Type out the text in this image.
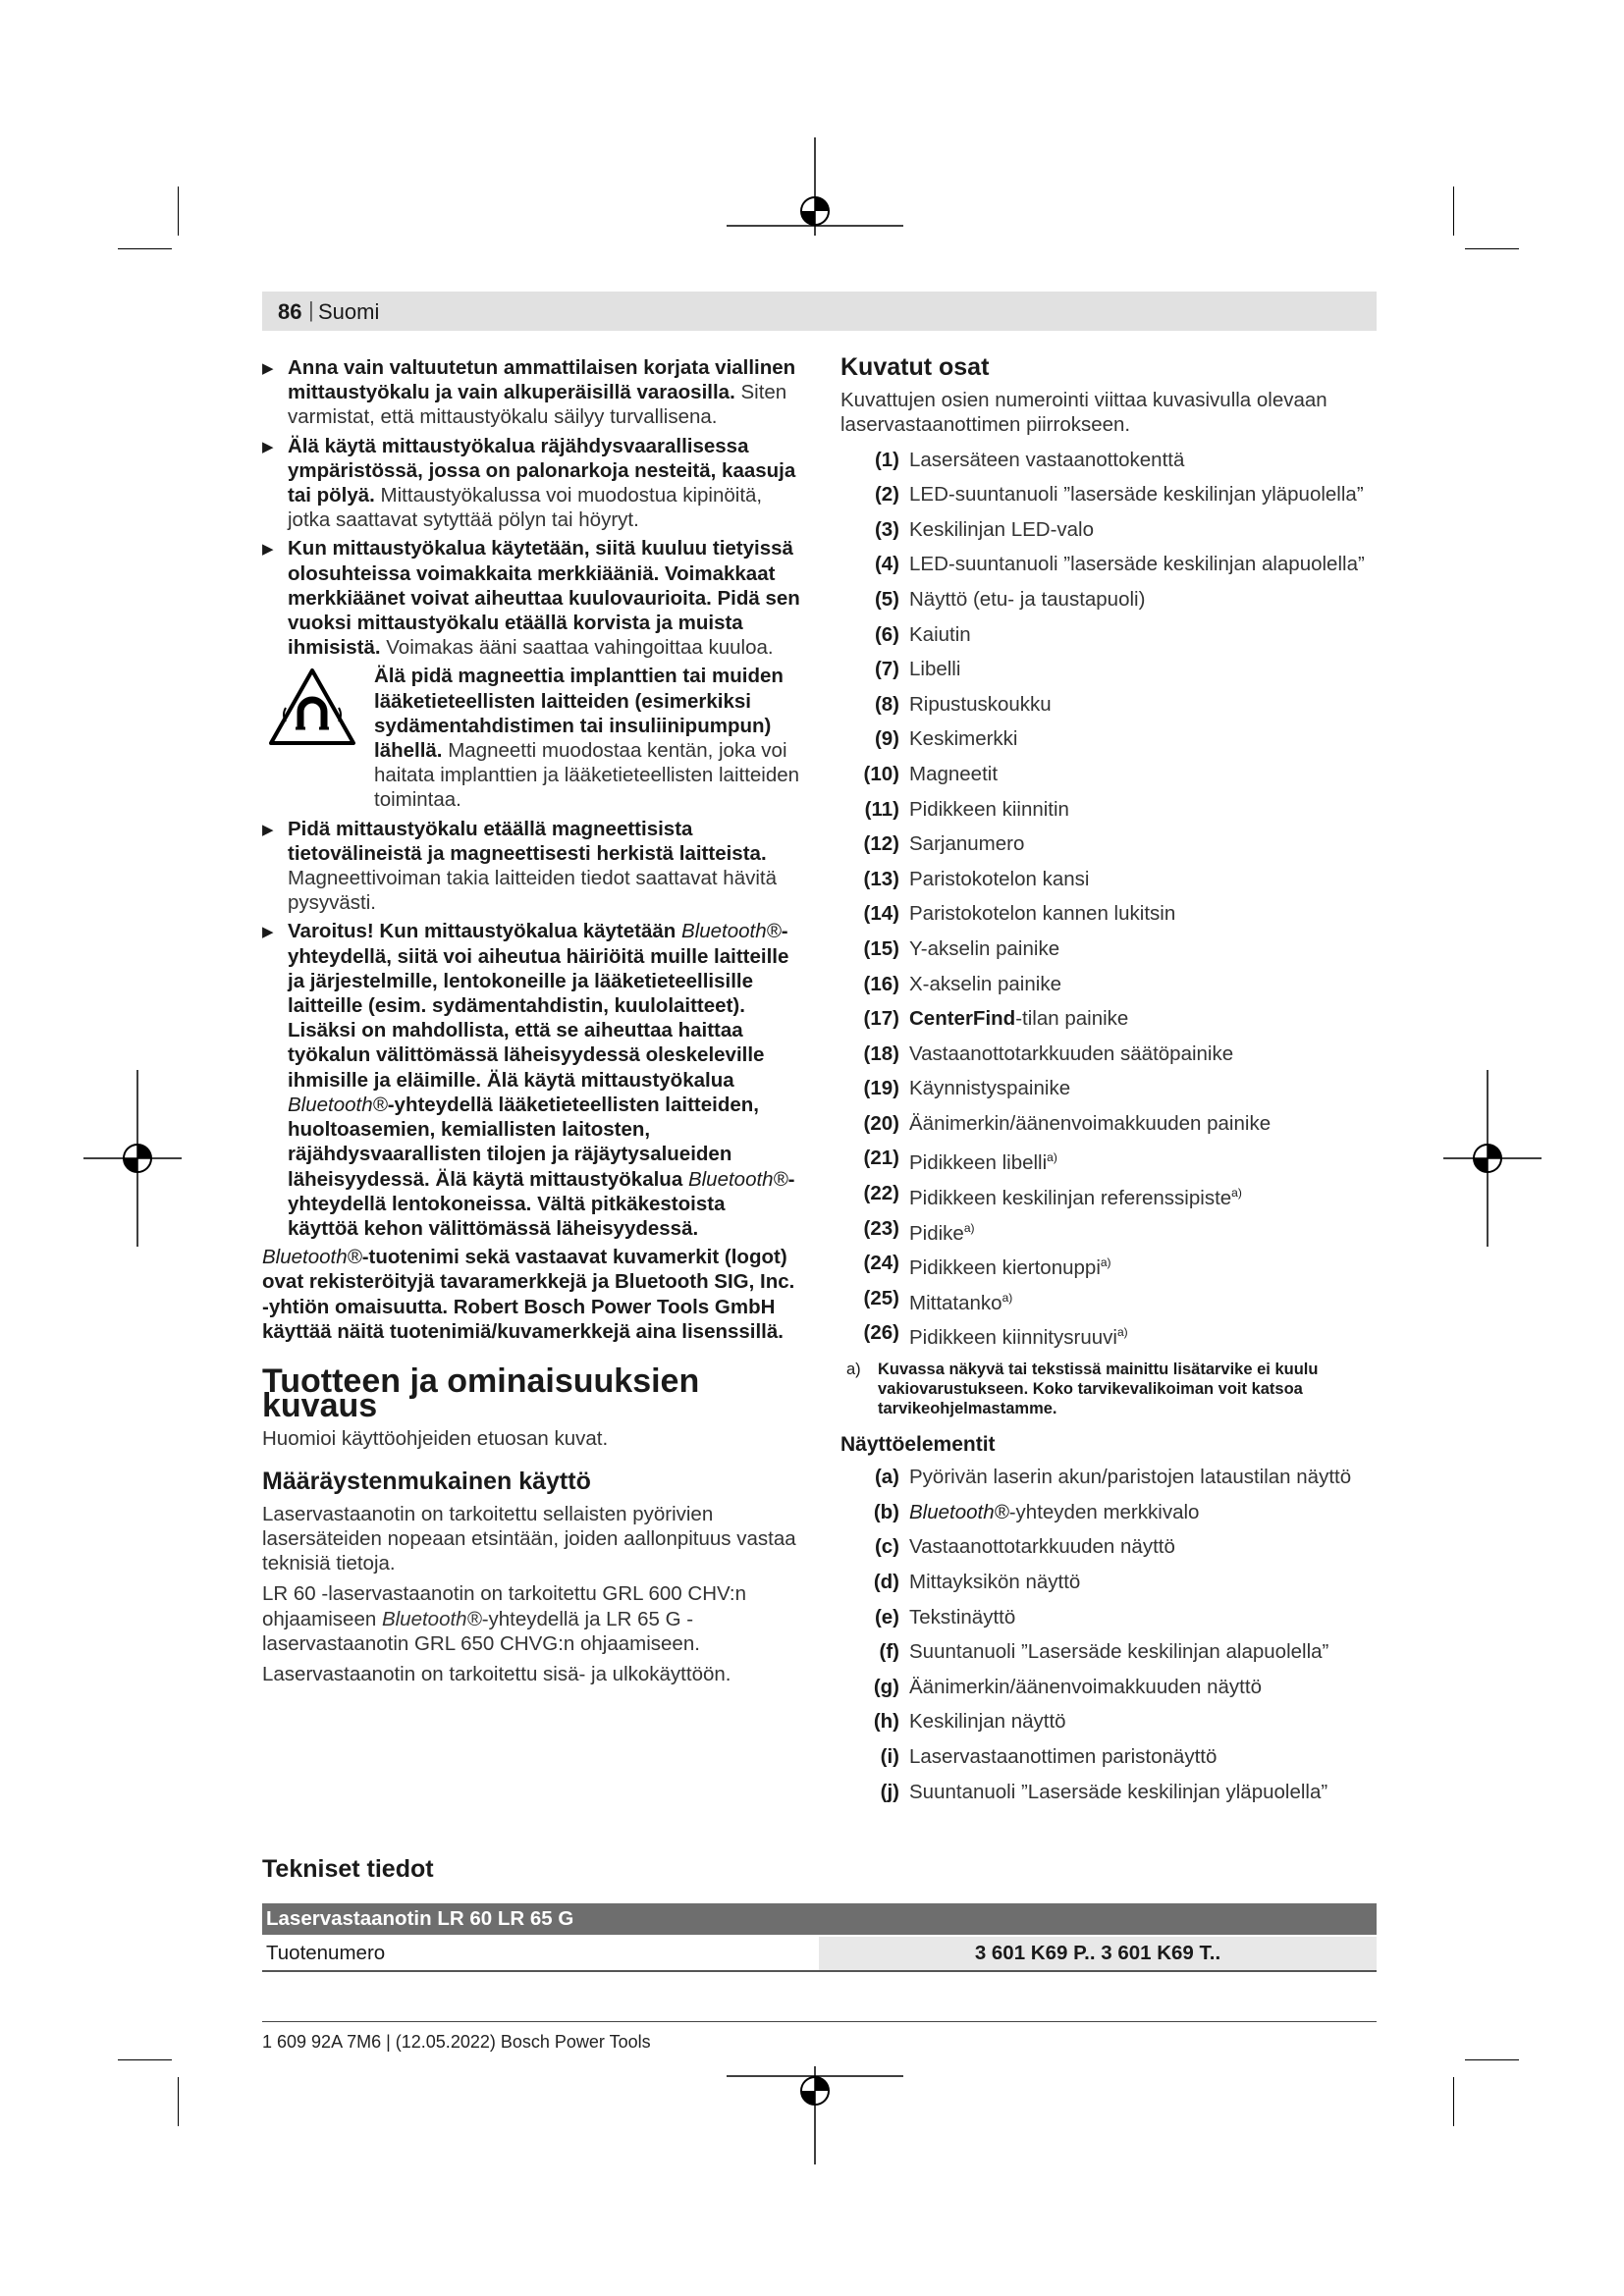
86 | Suomi
▶ Anna vain valtuutetun ammattilaisen korjata viallinen mittaustyökalu ja vain alkuperäisillä varaosilla. Siten varmistat, että mittaustyökalu säilyy turvallisena.
▶ Älä käytä mittaustyökalua räjähdysvaarallisessa ympäristössä, jossa on palonarkoja nesteitä, kaasuja tai pölyä. Mittaustyökalussa voi muodostua kipinöitä, jotka saattavat sytyttää pölyn tai höyryt.
▶ Kun mittaustyökalua käytetään, siitä kuuluu tietyissä olosuhteissa voimakkaita merkkiääniä. Voimakkaat merkkiäänet voivat aiheuttaa kuulovaurioita. Pidä sen vuoksi mittaustyökalu etäällä korvista ja muista ihmisistä. Voimakas ääni saattaa vahingoittaa kuuloa.
Älä pidä magneettia implanttien tai muiden lääketieteellisten laitteiden (esimerkiksi sydämentahdistimen tai insuliinipumpun) lähellä. Magneetti muodostaa kentän, joka voi haitata implanttien ja lääketieteellisten laitteiden toimintaa.
▶ Pidä mittaustyökalu etäällä magneettisista tietovälineistä ja magneettisesti herkistä laitteista. Magneettivoiman takia laitteiden tiedot saattavat hävitä pysyvästi.
▶ Varoitus! Kun mittaustyökalua käytetään Bluetooth®-yhteydellä, siitä voi aiheutua häiriöitä muille laitteille ja järjestelmille, lentokoneille ja lääketieteellisille laitteille (esim. sydämentahdistin, kuulolaitteet). Lisäksi on mahdollista, että se aiheuttaa haittaa työkalun välittömässä läheisyydessä oleskeleville ihmisille ja eläimille. Älä käytä mittaustyökalua Bluetooth®-yhteydellä lääketieteellisten laitteiden, huoltoasemien, kemiallisten laitosten, räjähdysvaarallisten tilojen ja räjäytysalueiden läheisyydessä. Älä käytä mittaustyökalua Bluetooth®-yhteydellä lentokoneissa. Vältä pitkäkestoista käyttöä kehon välittömässä läheisyydessä.
Bluetooth®-tuotenimi sekä vastaavat kuvamerkit (logot) ovat rekisteröityjä tavaramerkkejä ja Bluetooth SIG, Inc. -yhtiön omaisuutta. Robert Bosch Power Tools GmbH käyttää näitä tuotenimiä/kuvamerkkejä aina lisenssillä.
Tuotteen ja ominaisuuksien kuvaus
Huomioi käyttöohjeiden etuosan kuvat.
Määräystenmukainen käyttö
Laservastaanotin on tarkoitettu sellaisten pyörivien lasersäteiden nopeaan etsintään, joiden aallonpituus vastaa teknisiä tietoja.
LR 60 -laservastaanotin on tarkoitettu GRL 600 CHV:n ohjaamiseen Bluetooth®-yhteydellä ja LR 65 G -laservastaanotin GRL 650 CHVG:n ohjaamiseen.
Laservastaanotin on tarkoitettu sisä- ja ulkokäyttöön.
Kuvatut osat
Kuvattujen osien numerointi viittaa kuvasivulla olevaan laservastaanottimen piirrokseen.
(1) Lasersäteen vastaanottokenttä
(2) LED-suuntanuoli ”lasersäde keskilinjan yläpuolella”
(3) Keskilinjan LED-valo
(4) LED-suuntanuoli ”lasersäde keskilinjan alapuolella”
(5) Näyttö (etu- ja taustapuoli)
(6) Kaiutin
(7) Libelli
(8) Ripustuskoukku
(9) Keskimerkki
(10) Magneetit
(11) Pidikkeen kiinnitin
(12) Sarjanumero
(13) Paristokotelon kansi
(14) Paristokotelon kannen lukitsin
(15) Y-akselin painike
(16) X-akselin painike
(17) CenterFind-tilan painike
(18) Vastaanottotarkkuuden säätöpainike
(19) Käynnistyspainike
(20) Äänimerkin/äänenvoimakkuuden painike
(21) Pidikkeen libelli$^{a)}$
(22) Pidikkeen keskilinjan referenssipiste$^{a)}$
(23) Pidike$^{a)}$
(24) Pidikkeen kiertonuppi$^{a)}$
(25) Mittatanko$^{a)}$
(26) Pidikkeen kiinnitysruuvi$^{a)}$
a) Kuvassa näkyvä tai tekstissä mainittu lisätarvike ei kuulu vakiovarustukseen. Koko tarvikevalikoiman voit katsoa tarvikeohjelmastamme.
Näyttöelementit
(a) Pyörivän laserin akun/paristojen lataustilan näyttö
(b) Bluetooth®-yhteyden merkkivalo
(c) Vastaanottotarkkuuden näyttö
(d) Mittayksikön näyttö
(e) Tekstinäyttö
(f) Suuntanuoli ”Lasersäde keskilinjan alapuolella”
(g) Äänimerkin/äänenvoimakkuuden näyttö
(h) Keskilinjan näyttö
(i) Laservastaanottimen paristonäyttö
(j) Suuntanuoli ”Lasersäde keskilinjan yläpuolella”
Tekniset tiedot
Laservastaanotin LR 60 LR 65 G
Tuotenumero	3 601 K69 P.. 3 601 K69 T..
1 609 92A 7M6 | (12.05.2022) Bosch Power Tools
